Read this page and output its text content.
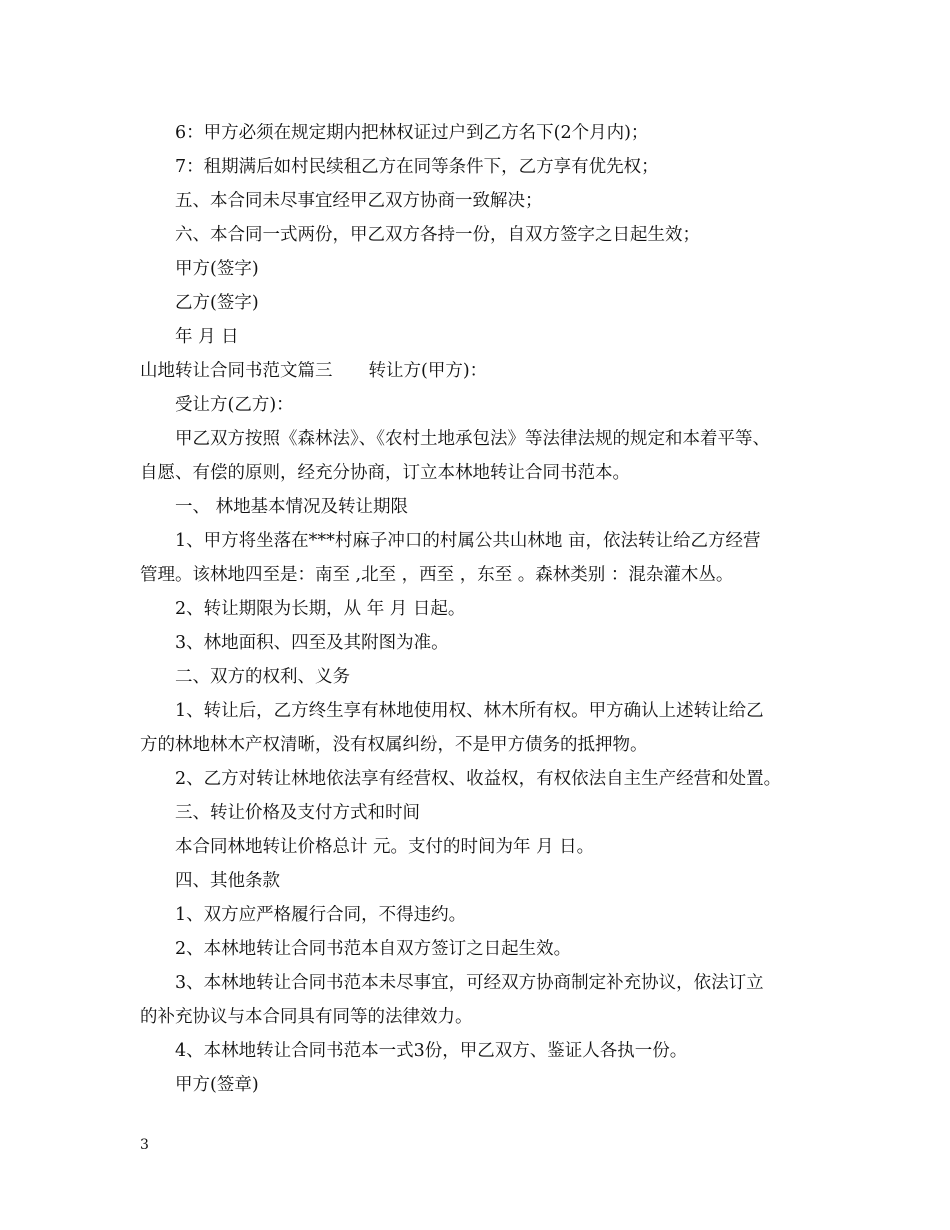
6：甲方必须在规定期内把林权证过户到乙方名下(2个月内)；
7：租期满后如村民续租乙方在同等条件下，乙方享有优先权；
五、本合同未尽事宜经甲乙双方协商一致解决；
六、本合同一式两份，甲乙双方各持一份，自双方签字之日起生效；
甲方(签字)
乙方(签字)
年 月 日
山地转让合同书范文篇三 转让方(甲方)：
受让方(乙方)：
甲乙双方按照《森林法》、《农村土地承包法》等法律法规的规定和本着平等、
自愿、有偿的原则，经充分协商，订立本林地转让合同书范本。
一、 林地基本情况及转让期限
1、甲方将坐落在***村麻子冲口的村属公共山林地 亩，依法转让给乙方经营
管理。该林地四至是：南至 ,北至 ，西至 ，东至 。森林类别 ：混杂灌木丛。
2、转让期限为长期，从 年 月 日起。
3、林地面积、四至及其附图为准。
二、双方的权利、义务
1、转让后，乙方终生享有林地使用权、林木所有权。甲方确认上述转让给乙
方的林地林木产权清晰，没有权属纠纷，不是甲方债务的抵押物。
2、乙方对转让林地依法享有经营权、收益权，有权依法自主生产经营和处置。
三、转让价格及支付方式和时间
本合同林地转让价格总计 元。支付的时间为年 月 日。
四、其他条款
1、双方应严格履行合同，不得违约。
2、本林地转让合同书范本自双方签订之日起生效。
3、本林地转让合同书范本未尽事宜，可经双方协商制定补充协议，依法订立
的补充协议与本合同具有同等的法律效力。
4、本林地转让合同书范本一式3份，甲乙双方、鉴证人各执一份。
甲方(签章)
3
